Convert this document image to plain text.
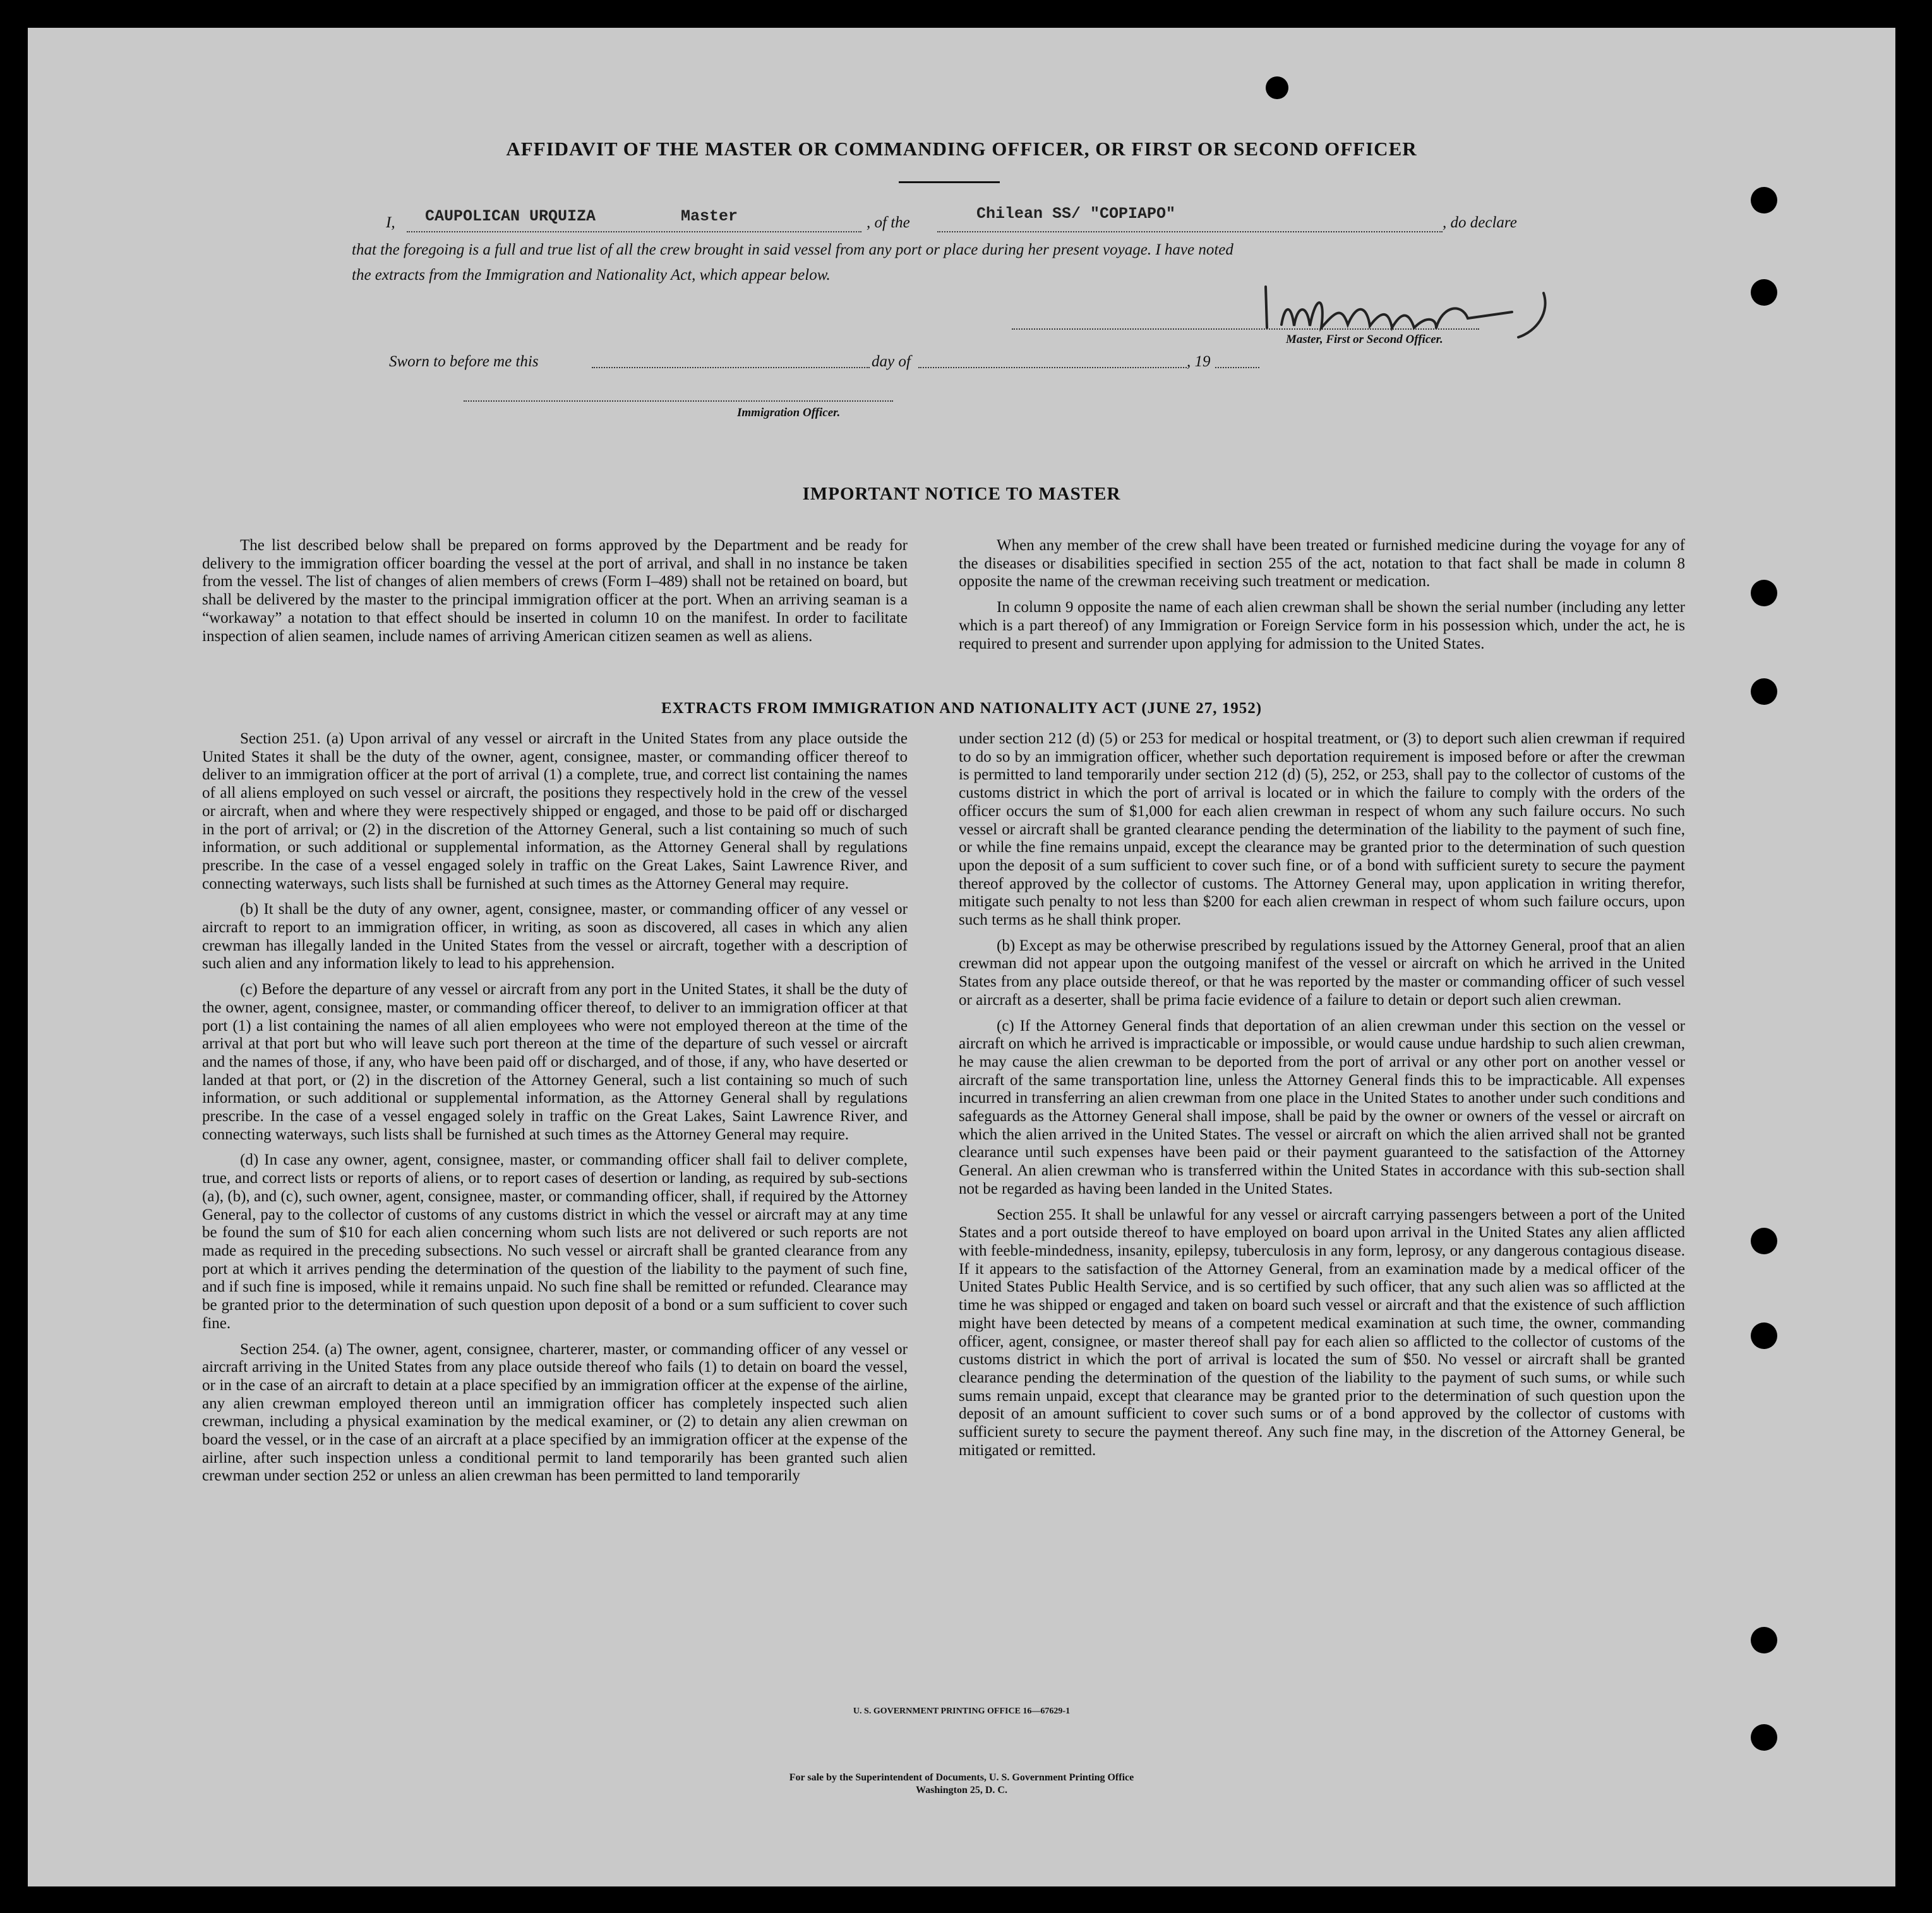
AFFIDAVIT OF THE MASTER OR COMMANDING OFFICER, OR FIRST OR SECOND OFFICER
I, CAUPOLICAN URQUIZA	Master	, of the	Chilean SS/ "COPIAPO"	, do declare
that the foregoing is a full and true list of all the crew brought in said vessel from any port or place during her present voyage. I have noted
the extracts from the Immigration and Nationality Act, which appear below.
Master, First or Second Officer.
Sworn to before me this	day of	, 19
Immigration Officer.
IMPORTANT NOTICE TO MASTER

The list described below shall be prepared on forms approved by the Department and be ready for delivery to the immigration officer boarding the vessel at the port of arrival, and shall in no instance be taken from the vessel. The list of changes of alien members of crews (Form I–489) shall not be retained on board, but shall be delivered by the master to the principal immigration officer at the port. When an arriving seaman is a “workaway” a notation to that effect should be inserted in column 10 on the manifest. In order to facilitate inspection of alien seamen, include names of arriving American citizen seamen as well as aliens.

When any member of the crew shall have been treated or furnished medicine during the voyage for any of the diseases or disabilities specified in section 255 of the act, notation to that fact shall be made in column 8 opposite the name of the crewman receiving such treatment or medication.

In column 9 opposite the name of each alien crewman shall be shown the serial number (including any letter which is a part thereof) of any Immigration or Foreign Service form in his possession which, under the act, he is required to present and surrender upon applying for admission to the United States.

EXTRACTS FROM IMMIGRATION AND NATIONALITY ACT (JUNE 27, 1952)

Section 251. (a) Upon arrival of any vessel or aircraft in the United States from any place outside the United States it shall be the duty of the owner, agent, consignee, master, or commanding officer thereof to deliver to an immigration officer at the port of arrival (1) a complete, true, and correct list containing the names of all aliens employed on such vessel or aircraft, the positions they respectively hold in the crew of the vessel or aircraft, when and where they were respectively shipped or engaged, and those to be paid off or discharged in the port of arrival; or (2) in the discretion of the Attorney General, such a list containing so much of such information, or such additional or supplemental information, as the Attorney General shall by regulations prescribe. In the case of a vessel engaged solely in traffic on the Great Lakes, Saint Lawrence River, and connecting waterways, such lists shall be furnished at such times as the Attorney General may require.

(b) It shall be the duty of any owner, agent, consignee, master, or commanding officer of any vessel or aircraft to report to an immigration officer, in writing, as soon as discovered, all cases in which any alien crewman has illegally landed in the United States from the vessel or aircraft, together with a description of such alien and any information likely to lead to his apprehension.

(c) Before the departure of any vessel or aircraft from any port in the United States, it shall be the duty of the owner, agent, consignee, master, or commanding officer thereof, to deliver to an immigration officer at that port (1) a list containing the names of all alien employees who were not employed thereon at the time of the arrival at that port but who will leave such port thereon at the time of the departure of such vessel or aircraft and the names of those, if any, who have been paid off or discharged, and of those, if any, who have deserted or landed at that port, or (2) in the discretion of the Attorney General, such a list containing so much of such information, or such additional or supplemental information, as the Attorney General shall by regulations prescribe. In the case of a vessel engaged solely in traffic on the Great Lakes, Saint Lawrence River, and connecting waterways, such lists shall be furnished at such times as the Attorney General may require.

(d) In case any owner, agent, consignee, master, or commanding officer shall fail to deliver complete, true, and correct lists or reports of aliens, or to report cases of desertion or landing, as required by sub-sections (a), (b), and (c), such owner, agent, consignee, master, or commanding officer, shall, if required by the Attorney General, pay to the collector of customs of any customs district in which the vessel or aircraft may at any time be found the sum of $10 for each alien concerning whom such lists are not delivered or such reports are not made as required in the preceding subsections. No such vessel or aircraft shall be granted clearance from any port at which it arrives pending the determination of the question of the liability to the payment of such fine, and if such fine is imposed, while it remains unpaid. No such fine shall be remitted or refunded. Clearance may be granted prior to the determination of such question upon deposit of a bond or a sum sufficient to cover such fine.

Section 254. (a) The owner, agent, consignee, charterer, master, or commanding officer of any vessel or aircraft arriving in the United States from any place outside thereof who fails (1) to detain on board the vessel, or in the case of an aircraft to detain at a place specified by an immigration officer at the expense of the airline, any alien crewman employed thereon until an immigration officer has completely inspected such alien crewman, including a physical examination by the medical examiner, or (2) to detain any alien crewman on board the vessel, or in the case of an aircraft at a place specified by an immigration officer at the expense of the airline, after such inspection unless a conditional permit to land temporarily has been granted such alien crewman under section 252 or unless an alien crewman has been permitted to land temporarily

under section 212 (d) (5) or 253 for medical or hospital treatment, or (3) to deport such alien crewman if required to do so by an immigration officer, whether such deportation requirement is imposed before or after the crewman is permitted to land temporarily under section 212 (d) (5), 252, or 253, shall pay to the collector of customs of the customs district in which the port of arrival is located or in which the failure to comply with the orders of the officer occurs the sum of $1,000 for each alien crewman in respect of whom any such failure occurs. No such vessel or aircraft shall be granted clearance pending the determination of the liability to the payment of such fine, or while the fine remains unpaid, except the clearance may be granted prior to the determination of such question upon the deposit of a sum sufficient to cover such fine, or of a bond with sufficient surety to secure the payment thereof approved by the collector of customs. The Attorney General may, upon application in writing therefor, mitigate such penalty to not less than $200 for each alien crewman in respect of whom such failure occurs, upon such terms as he shall think proper.

(b) Except as may be otherwise prescribed by regulations issued by the Attorney General, proof that an alien crewman did not appear upon the outgoing manifest of the vessel or aircraft on which he arrived in the United States from any place outside thereof, or that he was reported by the master or commanding officer of such vessel or aircraft as a deserter, shall be prima facie evidence of a failure to detain or deport such alien crewman.

(c) If the Attorney General finds that deportation of an alien crewman under this section on the vessel or aircraft on which he arrived is impracticable or impossible, or would cause undue hardship to such alien crewman, he may cause the alien crewman to be deported from the port of arrival or any other port on another vessel or aircraft of the same transportation line, unless the Attorney General finds this to be impracticable. All expenses incurred in transferring an alien crewman from one place in the United States to another under such conditions and safeguards as the Attorney General shall impose, shall be paid by the owner or owners of the vessel or aircraft on which the alien arrived in the United States. The vessel or aircraft on which the alien arrived shall not be granted clearance until such expenses have been paid or their payment guaranteed to the satisfaction of the Attorney General. An alien crewman who is transferred within the United States in accordance with this sub-section shall not be regarded as having been landed in the United States.

Section 255. It shall be unlawful for any vessel or aircraft carrying passengers between a port of the United States and a port outside thereof to have employed on board upon arrival in the United States any alien afflicted with feeble-mindedness, insanity, epilepsy, tuberculosis in any form, leprosy, or any dangerous contagious disease. If it appears to the satisfaction of the Attorney General, from an examination made by a medical officer of the United States Public Health Service, and is so certified by such officer, that any such alien was so afflicted at the time he was shipped or engaged and taken on board such vessel or aircraft and that the existence of such affliction might have been detected by means of a competent medical examination at such time, the owner, commanding officer, agent, consignee, or master thereof shall pay for each alien so afflicted to the collector of customs of the customs district in which the port of arrival is located the sum of $50. No vessel or aircraft shall be granted clearance pending the determination of the question of the liability to the payment of such sums, or while such sums remain unpaid, except that clearance may be granted prior to the determination of such question upon the deposit of an amount sufficient to cover such sums or of a bond approved by the collector of customs with sufficient surety to secure the payment thereof. Any such fine may, in the discretion of the Attorney General, be mitigated or remitted.

U. S. GOVERNMENT PRINTING OFFICE 16—67629-1
For sale by the Superintendent of Documents, U. S. Government Printing Office
Washington 25, D. C.
